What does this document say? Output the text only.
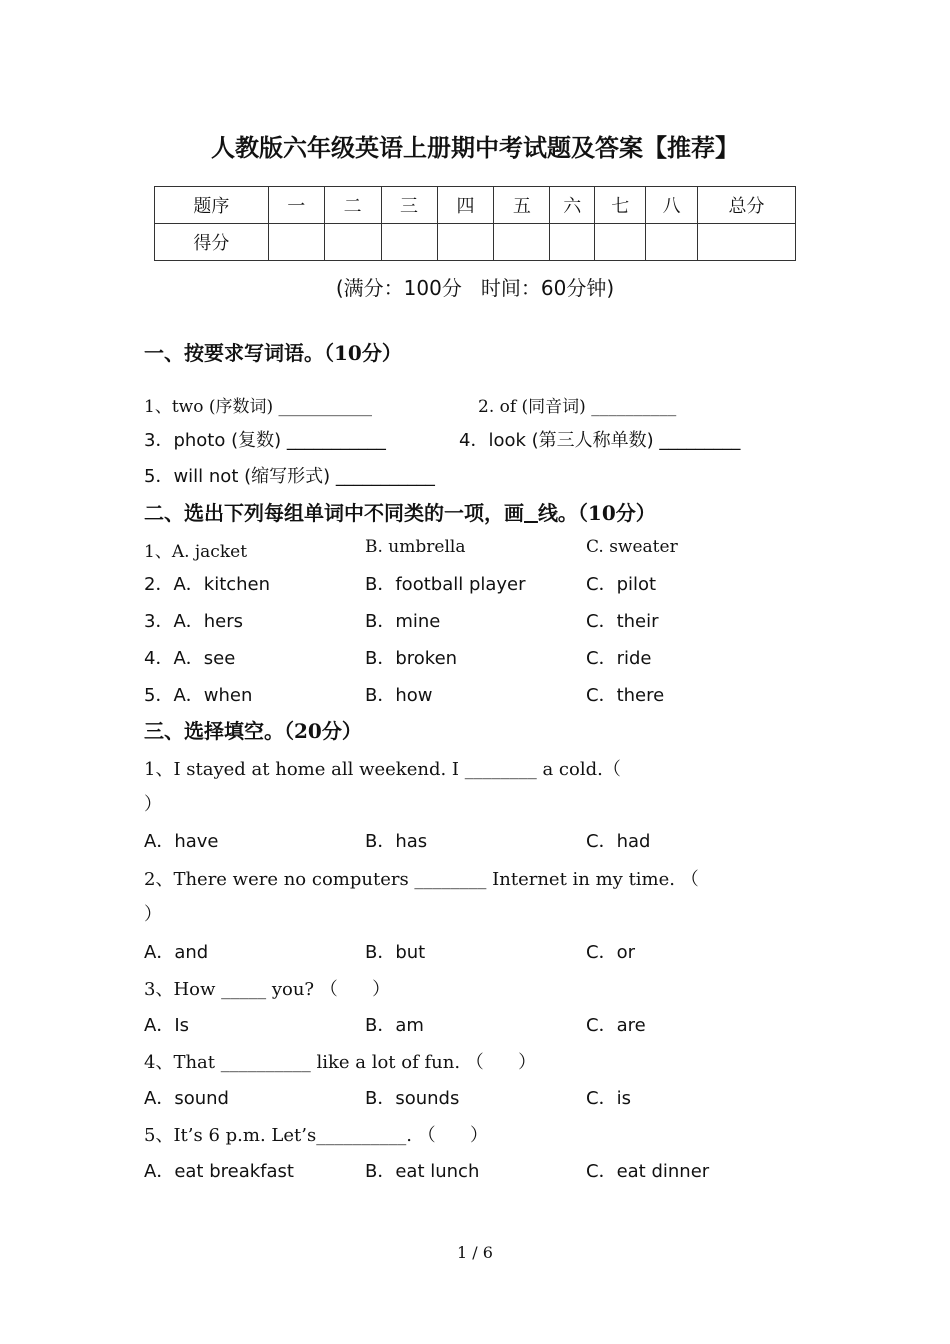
人教版六年级英语上册期中考试题及答案【推荐】
题序	一	二	三	四	五	六	七	八	总分
得分									
(满分：100分   时间：60分钟)
一、按要求写词语。（10分）
1、two (序数词) ___________	2. of (同音词) __________
3．photo (复数) ___________	4．look (第三人称单数) _________
5．will not (缩写形式) ___________
二、选出下列每组单词中不同类的一项，画 线。（10分）
1、A. jacket	B. umbrella	C. sweater
2．A．kitchen	B．football player	C．pilot
3．A．hers	B．mine	C．their
4．A．see	B．broken	C．ride
5．A．when	B．how	C．there
三、选择填空。（20分）
1、I stayed at home all weekend. I ________ a cold.（
）
A．have	B．has	C．had
2、There were no computers ________ Internet in my time. （
）
A．and	B．but	C．or
3、How _____ you? （      ）
A．Is	B．am	C．are
4、That __________ like a lot of fun. （      ）
A．sound	B．sounds	C．is
5、It’s 6 p.m. Let’s__________. （      ）
A．eat breakfast	B．eat lunch	C．eat dinner
1 / 6
